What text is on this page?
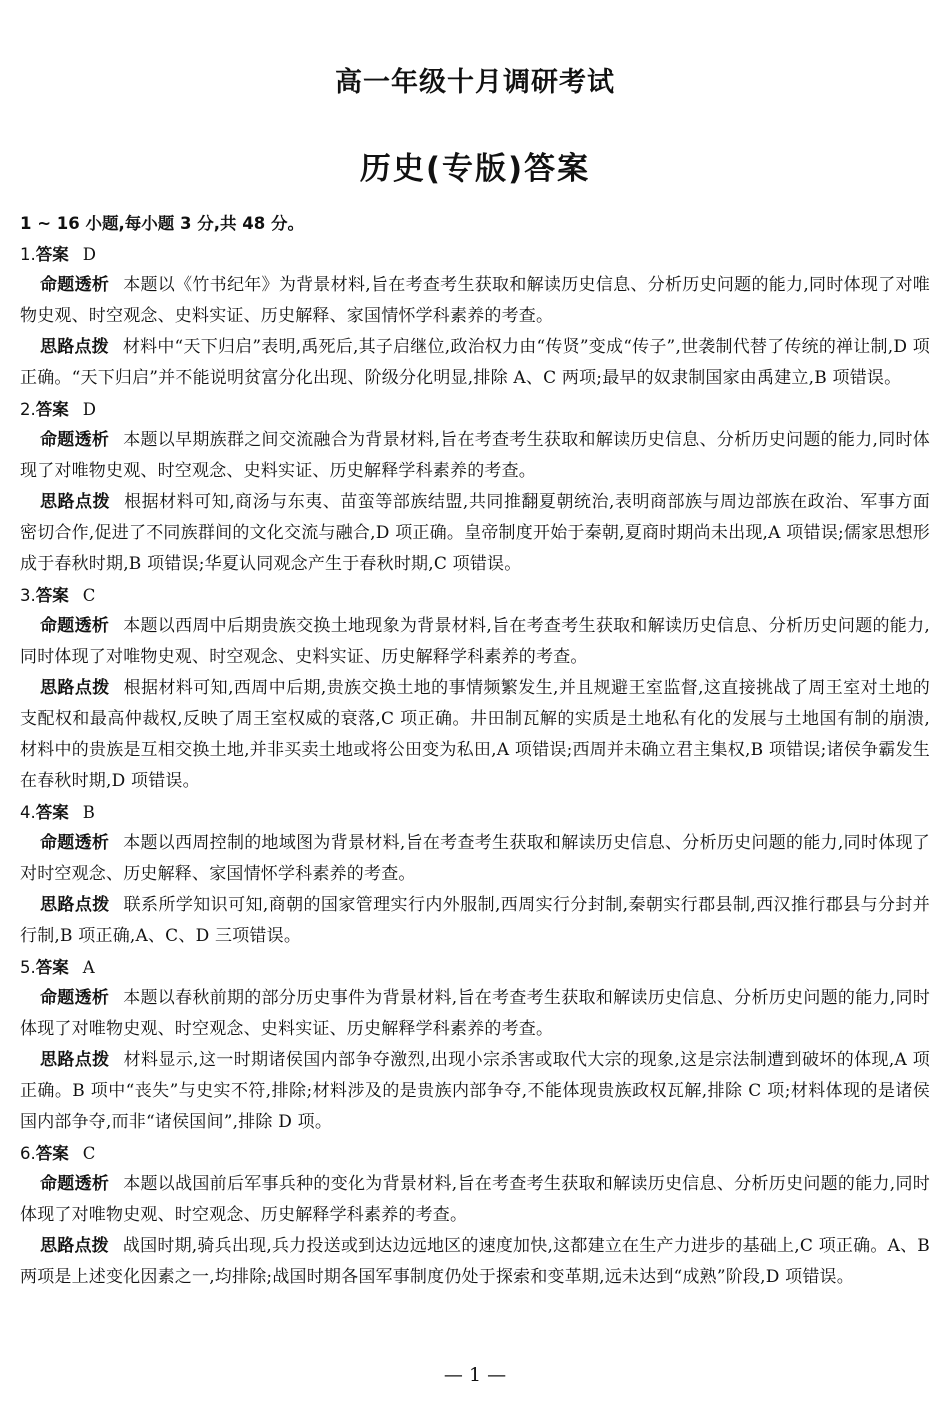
高一年级十月调研考试
历史(专版)答案
1 ~ 16 小题,每小题 3 分,共 48 分。
1.答案 D
命题透析 本题以《竹书纪年》为背景材料,旨在考查考生获取和解读历史信息、分析历史问题的能力,同时体现了对唯物史观、时空观念、史料实证、历史解释、家国情怀学科素养的考查。
思路点拨 材料中“天下归启”表明,禹死后,其子启继位,政治权力由“传贤”变成“传子”,世袭制代替了传统的禅让制,D 项正确。“天下归启”并不能说明贫富分化出现、阶级分化明显,排除 A、C 两项;最早的奴隶制国家由禹建立,B 项错误。
2.答案 D
命题透析 本题以早期族群之间交流融合为背景材料,旨在考查考生获取和解读历史信息、分析历史问题的能力,同时体现了对唯物史观、时空观念、史料实证、历史解释学科素养的考查。
思路点拨 根据材料可知,商汤与东夷、苗蛮等部族结盟,共同推翻夏朝统治,表明商部族与周边部族在政治、军事方面密切合作,促进了不同族群间的文化交流与融合,D 项正确。皇帝制度开始于秦朝,夏商时期尚未出现,A 项错误;儒家思想形成于春秋时期,B 项错误;华夏认同观念产生于春秋时期,C 项错误。
3.答案 C
命题透析 本题以西周中后期贵族交换土地现象为背景材料,旨在考查考生获取和解读历史信息、分析历史问题的能力,同时体现了对唯物史观、时空观念、史料实证、历史解释学科素养的考查。
思路点拨 根据材料可知,西周中后期,贵族交换土地的事情频繁发生,并且规避王室监督,这直接挑战了周王室对土地的支配权和最高仲裁权,反映了周王室权威的衰落,C 项正确。井田制瓦解的实质是土地私有化的发展与土地国有制的崩溃,材料中的贵族是互相交换土地,并非买卖土地或将公田变为私田,A 项错误;西周并未确立君主集权,B 项错误;诸侯争霸发生在春秋时期,D 项错误。
4.答案 B
命题透析 本题以西周控制的地域图为背景材料,旨在考查考生获取和解读历史信息、分析历史问题的能力,同时体现了对时空观念、历史解释、家国情怀学科素养的考查。
思路点拨 联系所学知识可知,商朝的国家管理实行内外服制,西周实行分封制,秦朝实行郡县制,西汉推行郡县与分封并行制,B 项正确,A、C、D 三项错误。
5.答案 A
命题透析 本题以春秋前期的部分历史事件为背景材料,旨在考查考生获取和解读历史信息、分析历史问题的能力,同时体现了对唯物史观、时空观念、史料实证、历史解释学科素养的考查。
思路点拨 材料显示,这一时期诸侯国内部争夺激烈,出现小宗杀害或取代大宗的现象,这是宗法制遭到破坏的体现,A 项正确。B 项中“丧失”与史实不符,排除;材料涉及的是贵族内部争夺,不能体现贵族政权瓦解,排除 C 项;材料体现的是诸侯国内部争夺,而非“诸侯国间”,排除 D 项。
6.答案 C
命题透析 本题以战国前后军事兵种的变化为背景材料,旨在考查考生获取和解读历史信息、分析历史问题的能力,同时体现了对唯物史观、时空观念、历史解释学科素养的考查。
思路点拨 战国时期,骑兵出现,兵力投送或到达边远地区的速度加快,这都建立在生产力进步的基础上,C 项正确。A、B 两项是上述变化因素之一,均排除;战国时期各国军事制度仍处于探索和变革期,远未达到“成熟”阶段,D 项错误。
— 1 —
